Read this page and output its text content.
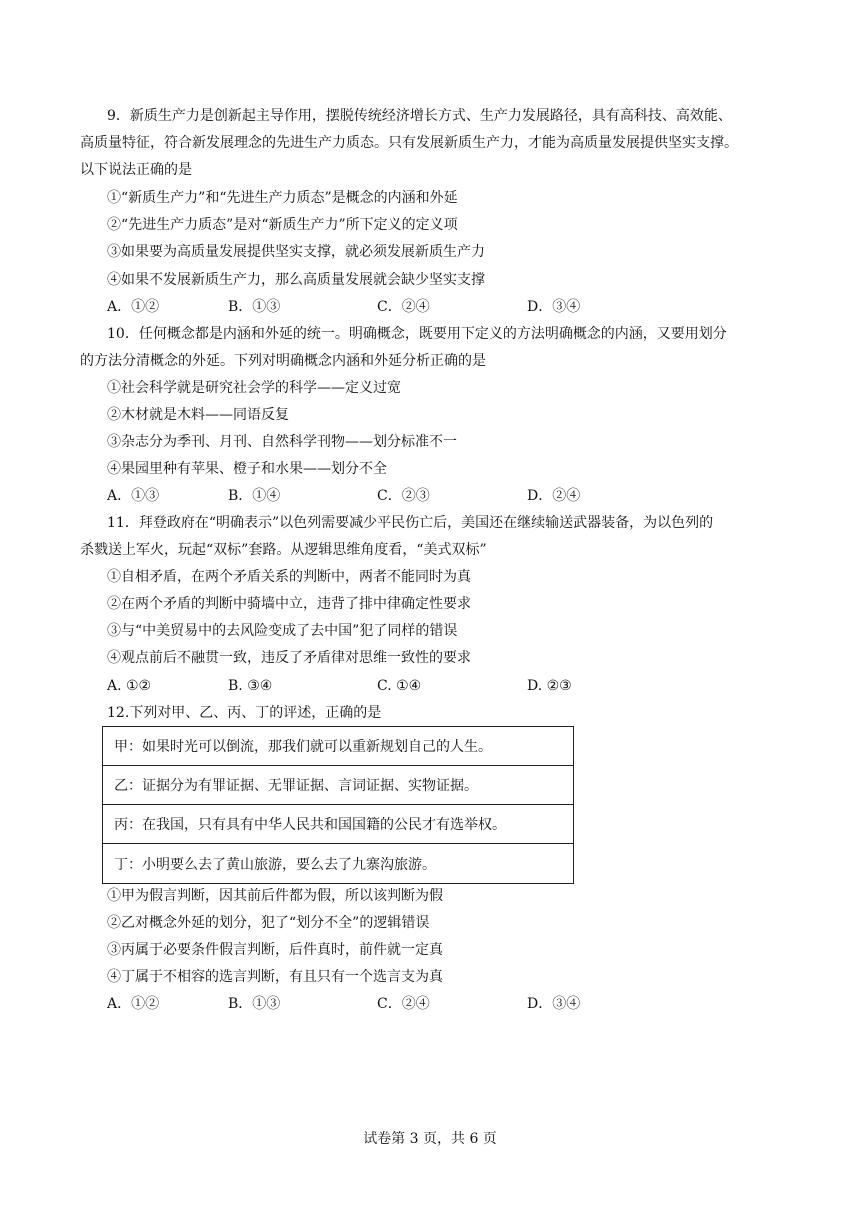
9．新质生产力是创新起主导作用，摆脱传统经济增长方式、生产力发展路径，具有高科技、高效能、
高质量特征，符合新发展理念的先进生产力质态。只有发展新质生产力，才能为高质量发展提供坚实支撑。
以下说法正确的是
①“新质生产力”和“先进生产力质态”是概念的内涵和外延
②“先进生产力质态”是对“新质生产力”所下定义的定义项
③如果要为高质量发展提供坚实支撑，就必须发展新质生产力
④如果不发展新质生产力，那么高质量发展就会缺少坚实支撑
A．①②	B．①③	C．②④	D．③④
10．任何概念都是内涵和外延的统一。明确概念，既要用下定义的方法明确概念的内涵，又要用划分
的方法分清概念的外延。下列对明确概念内涵和外延分析正确的是
①社会科学就是研究社会学的科学——定义过宽
②木材就是木料——同语反复
③杂志分为季刊、月刊、自然科学刊物——划分标准不一
④果园里种有苹果、橙子和水果——划分不全
A．①③	B．①④	C．②③	D．②④
11．拜登政府在“明确表示”以色列需要减少平民伤亡后，美国还在继续输送武器装备，为以色列的
杀戮送上军火，玩起“双标”套路。从逻辑思维角度看，“美式双标”
①自相矛盾，在两个矛盾关系的判断中，两者不能同时为真
②在两个矛盾的判断中骑墙中立，违背了排中律确定性要求
③与“中美贸易中的去风险变成了去中国”犯了同样的错误
④观点前后不融贯一致，违反了矛盾律对思维一致性的要求
A. ①②	B. ③④	C. ①④	D. ②③
12.下列对甲、乙、丙、丁的评述，正确的是
甲：如果时光可以倒流，那我们就可以重新规划自己的人生。
乙：证据分为有罪证据、无罪证据、言词证据、实物证据。
丙：在我国，只有具有中华人民共和国国籍的公民才有选举权。
丁：小明要么去了黄山旅游，要么去了九寨沟旅游。
①甲为假言判断，因其前后件都为假，所以该判断为假
②乙对概念外延的划分，犯了“划分不全”的逻辑错误
③丙属于必要条件假言判断，后件真时，前件就一定真
④丁属于不相容的选言判断，有且只有一个选言支为真
A．①②	B．①③	C．②④	D．③④
试卷第 3 页，共 6 页
